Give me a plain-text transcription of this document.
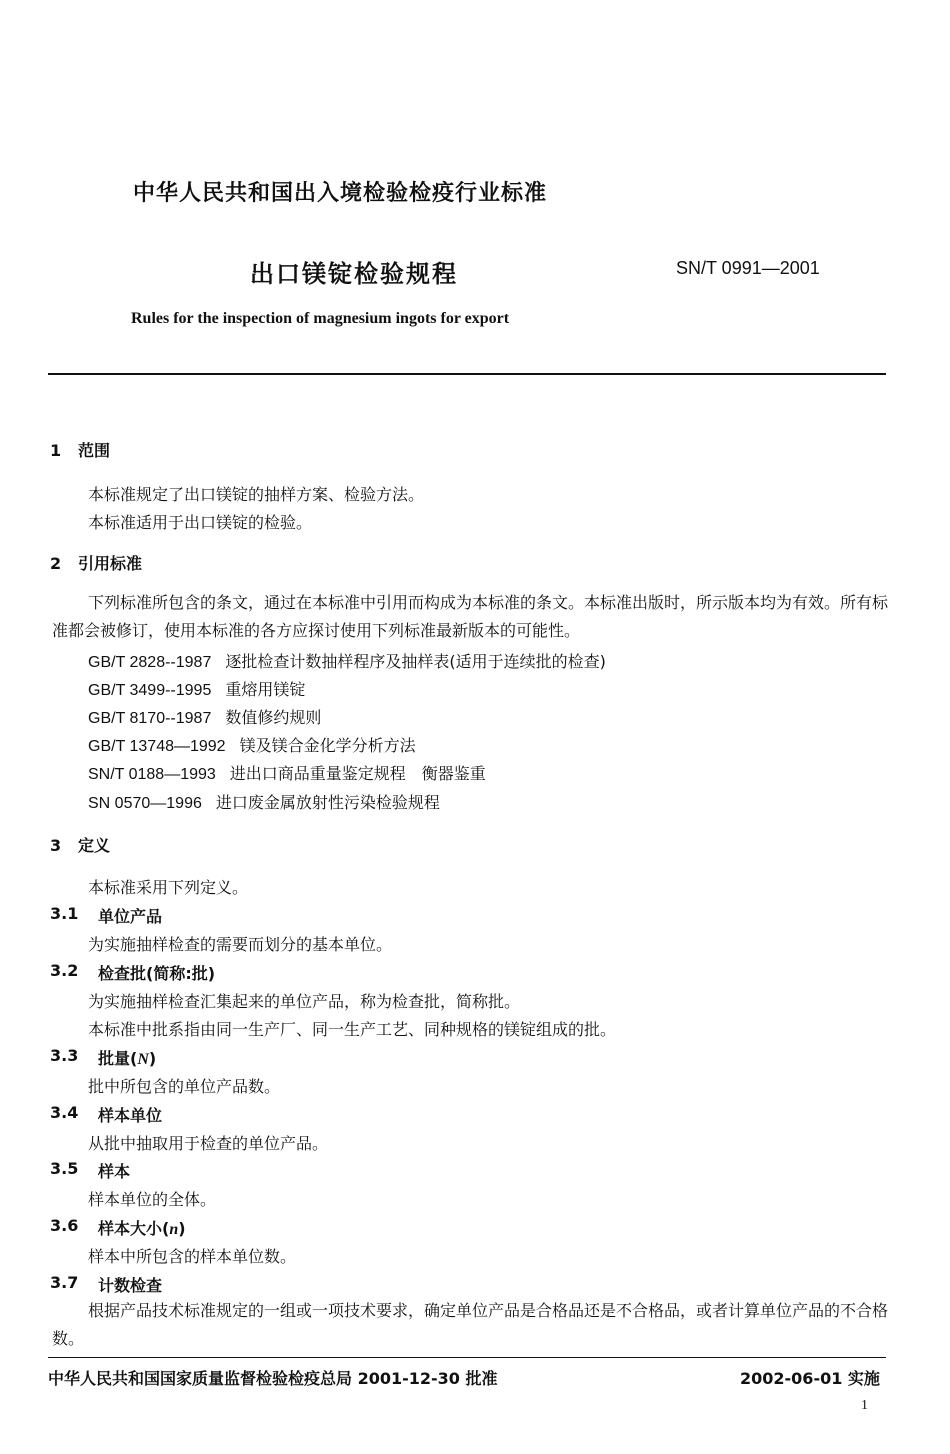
中华人民共和国出入境检验检疫行业标准
出口镁锭检验规程	SN/T 0991—2001
Rules for the inspection of magnesium ingots for export
1 范围
本标准规定了出口镁锭的抽样方案、检验方法。
本标准适用于出口镁锭的检验。
2 引用标准
下列标准所包含的条文，通过在本标准中引用而构成为本标准的条文。本标准出版时，所示版本均为有效。所有标准都会被修订，使用本标准的各方应探讨使用下列标准最新版本的可能性。
GB/T 2828--1987 逐批检查计数抽样程序及抽样表(适用于连续批的检查)
GB/T 3499--1995 重熔用镁锭
GB/T 8170--1987 数值修约规则
GB/T 13748—1992 镁及镁合金化学分析方法
SN/T 0188—1993 进出口商品重量鉴定规程　衡器鉴重
SN 0570—1996 进口废金属放射性污染检验规程
3 定义
本标准采用下列定义。
3.1 单位产品
为实施抽样检查的需要而划分的基本单位。
3.2 检查批(简称:批)
为实施抽样检查汇集起来的单位产品，称为检查批，简称批。
本标准中批系指由同一生产厂、同一生产工艺、同种规格的镁锭组成的批。
3.3 批量(N)
批中所包含的单位产品数。
3.4 样本单位
从批中抽取用于检查的单位产品。
3.5 样本
样本单位的全体。
3.6 样本大小(n)
样本中所包含的样本单位数。
3.7 计数检查
根据产品技术标准规定的一组或一项技术要求，确定单位产品是合格品还是不合格品，或者计算单位产品的不合格数。
中华人民共和国国家质量监督检验检疫总局 2001-12-30 批准	2002-06-01 实施
1
